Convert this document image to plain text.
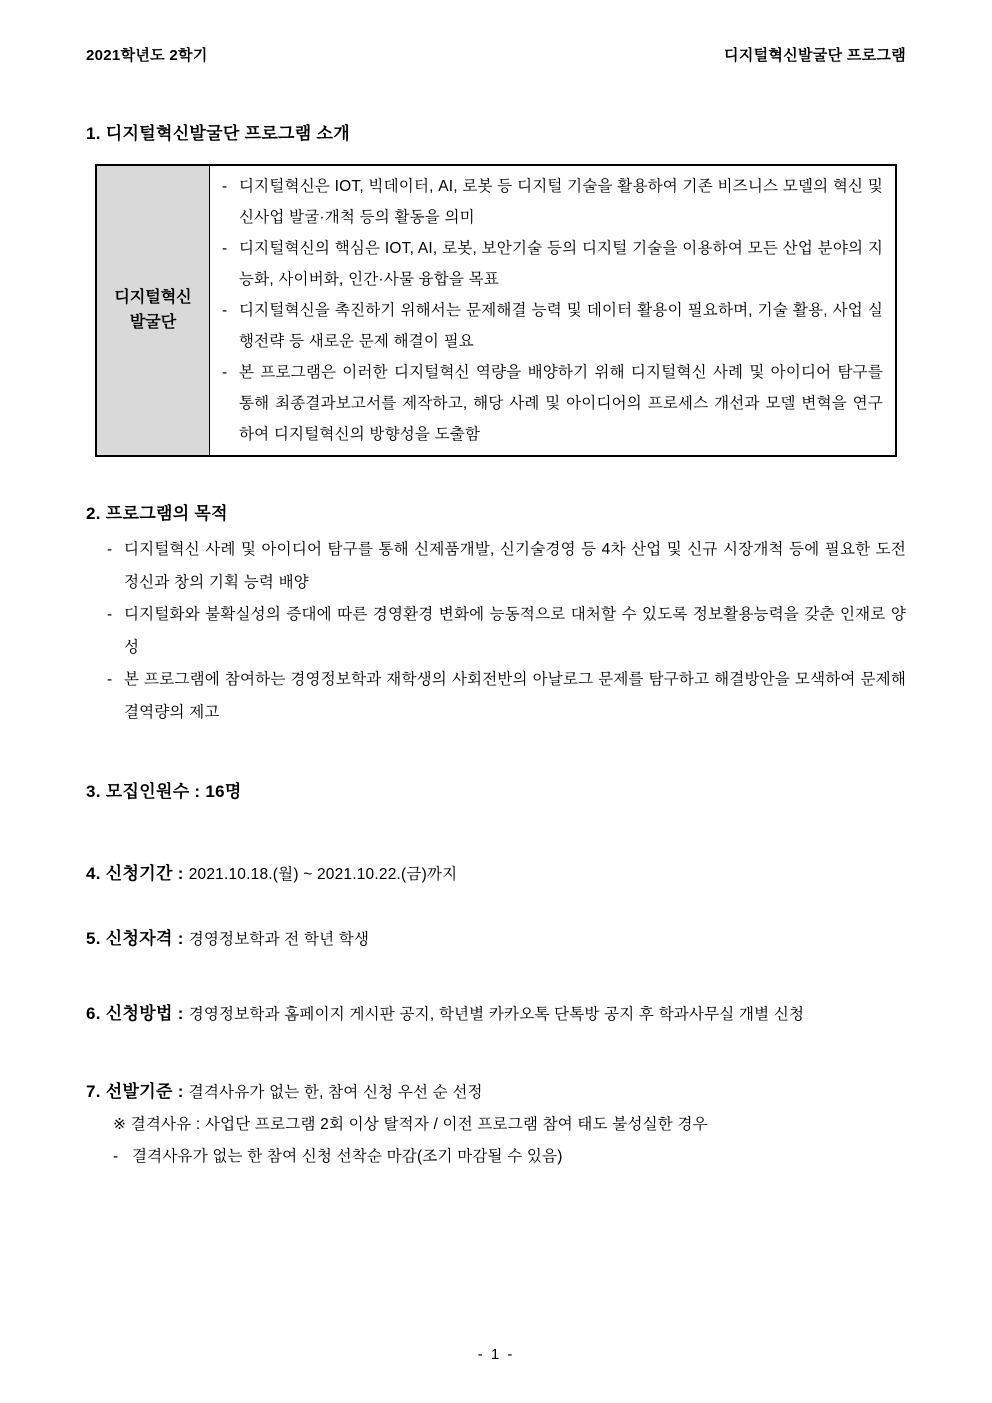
2021학년도 2학기	디지털혁신발굴단 프로그램
1. 디지털혁신발굴단 프로그램 소개
디지털혁신 발굴단
- 디지털혁신은 IOT, 빅데이터, AI, 로봇 등 디지털 기술을 활용하여 기존 비즈니스 모델의 혁신 및 신사업 발굴·개척 등의 활동을 의미
- 디지털혁신의 핵심은 IOT, AI, 로봇, 보안기술 등의 디지털 기술을 이용하여 모든 산업 분야의 지능화, 사이버화, 인간·사물 융합을 목표
- 디지털혁신을 촉진하기 위해서는 문제해결 능력 및 데이터 활용이 필요하며, 기술 활용, 사업 실행전략 등 새로운 문제 해결이 필요
- 본 프로그램은 이러한 디지털혁신 역량을 배양하기 위해 디지털혁신 사례 및 아이디어 탐구를 통해 최종결과보고서를 제작하고, 해당 사례 및 아이디어의 프로세스 개선과 모델 변혁을 연구하여 디지털혁신의 방향성을 도출함
2. 프로그램의 목적
- 디지털혁신 사례 및 아이디어 탐구를 통해 신제품개발, 신기술경영 등 4차 산업 및 신규 시장개척 등에 필요한 도전정신과 창의 기획 능력 배양
- 디지털화와 불확실성의 증대에 따른 경영환경 변화에 능동적으로 대처할 수 있도록 정보활용능력을 갖춘 인재로 양성
- 본 프로그램에 참여하는 경영정보학과 재학생의 사회전반의 아날로그 문제를 탐구하고 해결방안을 모색하여 문제해결역량의 제고
3. 모집인원수 : 16명
4. 신청기간 : 2021.10.18.(월) ~ 2021.10.22.(금)까지
5. 신청자격 : 경영정보학과 전 학년 학생
6. 신청방법 : 경영정보학과 홈페이지 게시판 공지, 학년별 카카오톡 단톡방 공지 후 학과사무실 개별 신청
7. 선발기준 : 결격사유가 없는 한, 참여 신청 우선 순 선정
※ 결격사유 : 사업단 프로그램 2회 이상 탈적자 / 이전 프로그램 참여 태도 불성실한 경우
- 결격사유가 없는 한 참여 신청 선착순 마감(조기 마감될 수 있음)
- 1 -
